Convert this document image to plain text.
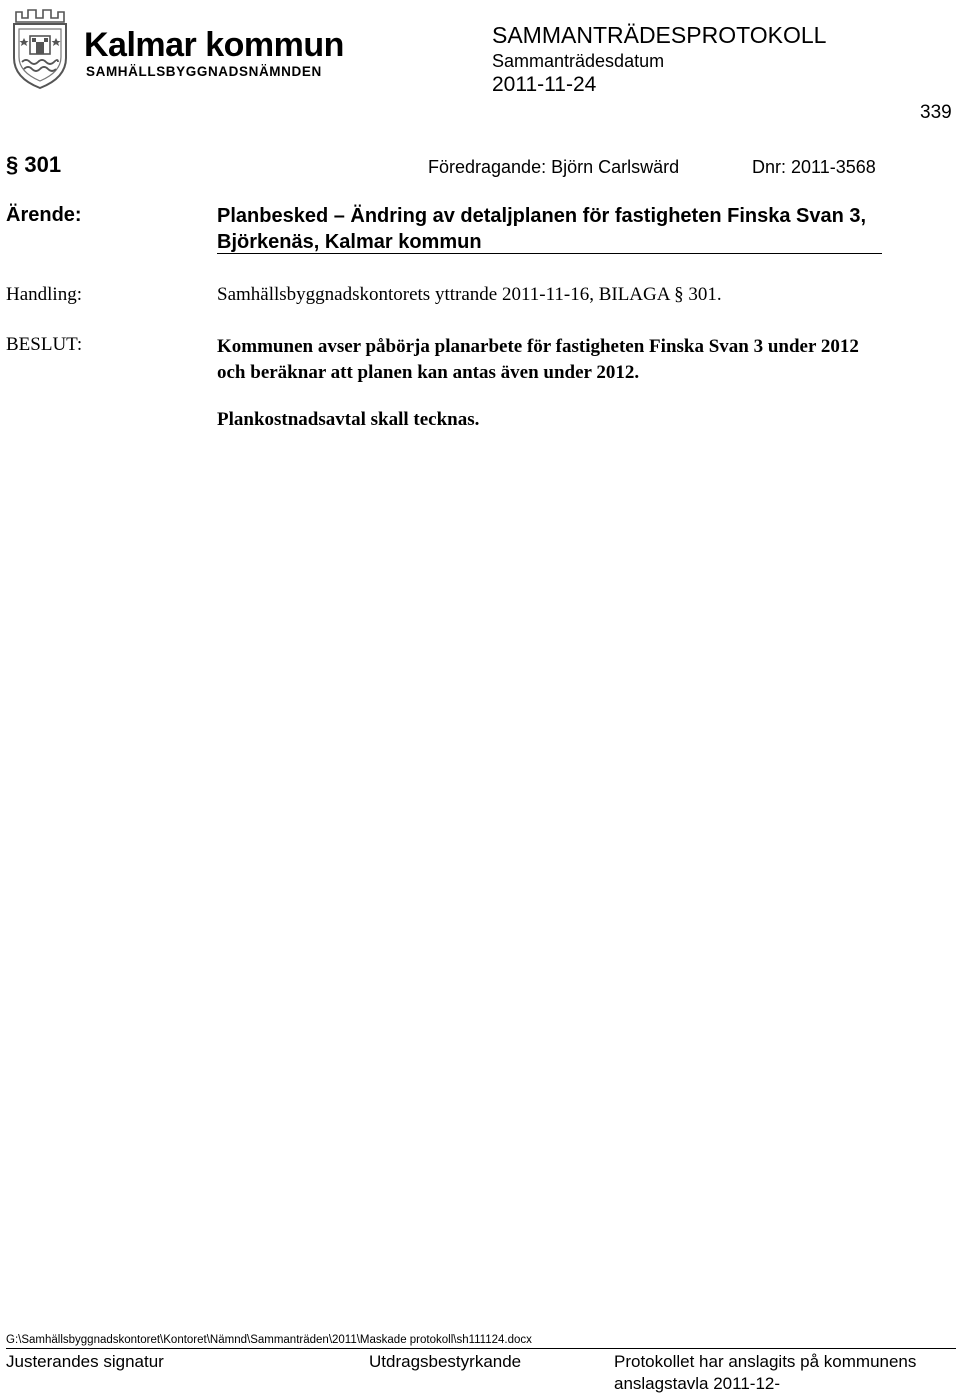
Kalmar kommun
SAMHÄLLSBYGGNADSNÄMNDEN
SAMMANTRÄDESPROTOKOLL
Sammanträdesdatum
2011-11-24
339
§ 301	Föredragande: Björn Carlswärd	Dnr: 2011-3568
Ärende:	Planbesked – Ändring av detaljplanen för fastigheten Finska Svan 3, Björkenäs, Kalmar kommun
Handling:	Samhällsbyggnadskontorets yttrande 2011-11-16, BILAGA § 301.
BESLUT:	Kommunen avser påbörja planarbete för fastigheten Finska Svan 3 under 2012 och beräknar att planen kan antas även under 2012.
Plankostnadsavtal skall tecknas.
G:\Samhällsbyggnadskontoret\Kontoret\Nämnd\Sammanträden\2011\Maskade protokoll\sh111124.docx
Justerandes signatur	Utdragsbestyrkande	Protokollet har anslagits på kommunens
anslagstavla 2011-12-
